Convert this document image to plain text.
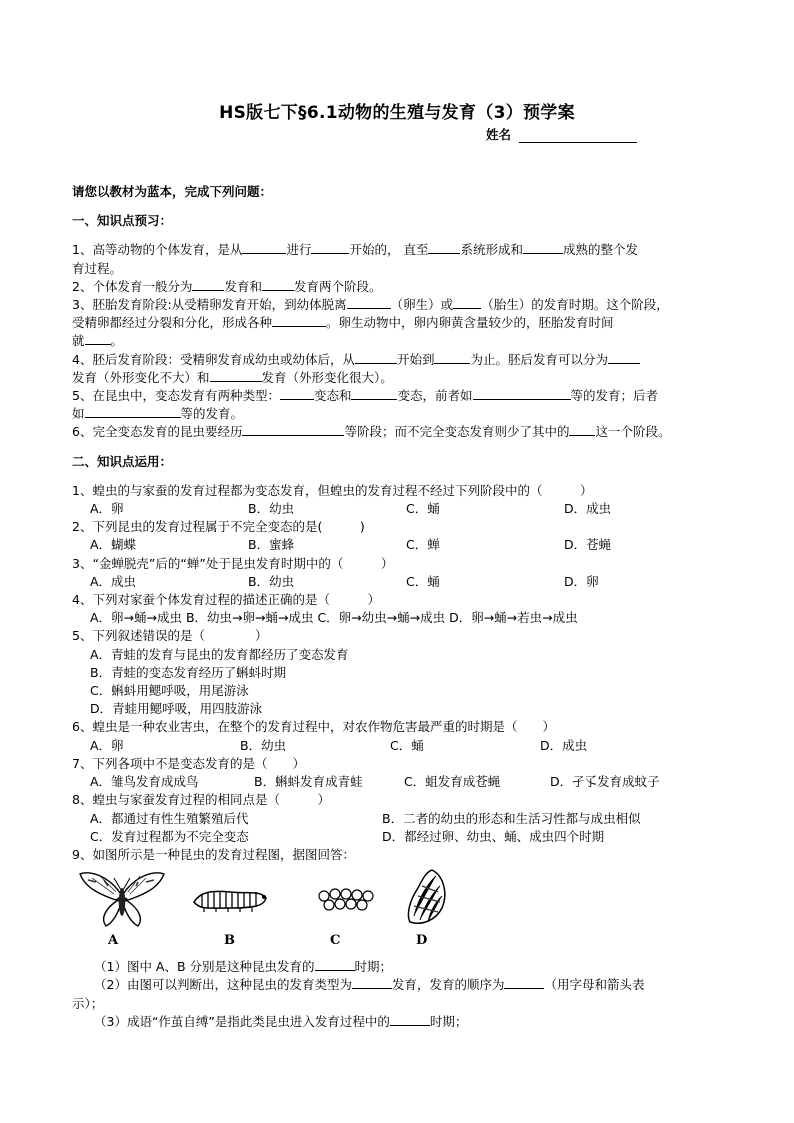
HS版七下§6.1动物的生殖与发育（3）预学案
姓名

请您以教材为蓝本，完成下列问题：

一、知识点预习：

1、高等动物的个体发育，是从	进行	开始的， 直至	系统形成和	成熟的整个发

育过程。

2、个体发育一般分为	发育和	发育两个阶段。

3、胚胎发育阶段:从受精卵发育开始，到幼体脱离	（卵生）或 （胎生）的发育时期。这个阶段，

受精卵都经过分裂和分化，形成各种	。卵生动物中，卵内卵黄含量较少的，胚胎发育时间

就 。

4、胚后发育阶段：受精卵发育成幼虫或幼体后，从	开始到	为止。胚后发育可以分为

发育（外形变化不大）和	发育（外形变化很大）。

5、在昆虫中，变态发育有两种类型：	变态和	变态，前者如	等的发育；后者

如	等的发育。

6、完全变态发育的昆虫要经历	等阶段；而不完全变态发育则少了其中的 这一个阶段。

二、知识点运用：

1、蝗虫的与家蚕的发育过程都为变态发育，但蝗虫的发育过程不经过下列阶段中的（　　　）

A．卵	B．幼虫	C．蛹	D．成虫

2、下列昆虫的发育过程属于不完全变态的是(　　　)

A．蝴蝶	B．蜜蜂	C．蝉	D．苍蝇

3、“金蝉脱壳”后的“蝉”处于昆虫发育时期中的（　　　）

A．成虫	B．幼虫	C．蛹	D．卵

4、下列对家蚕个体发育过程的描述正确的是（　　　）

A．卵→蛹→成虫 B．幼虫→卵→蛹→成虫 C．卵→幼虫→蛹→成虫 D．卵→蛹→若虫→成虫

5、下列叙述错误的是（　　　　）

A．青蛙的发育与昆虫的发育都经历了变态发育

B．青蛙的变态发育经历了蝌蚪时期

C．蝌蚪用鳃呼吸，用尾游泳

D．青蛙用鳃呼吸，用四肢游泳

6、蝗虫是一种农业害虫，在整个的发育过程中，对农作物危害最严重的时期是（　　）

A．卵	B．幼虫	C．蛹	D．成虫

7、下列各项中不是变态发育的是（　　）

A．雏鸟发育成成鸟	B．蝌蚪发育成青蛙	C．蛆发育成苍蝇	D．孑孓发育成蚊子

8、蝗虫与家蚕发育过程的相同点是（　　　）

A．都通过有性生殖繁殖后代	B．二者的幼虫的形态和生活习性都与成虫相似
C．发育过程都为不完全变态	D．都经过卵、幼虫、蛹、成虫四个时期

9、如图所示是一种昆虫的发育过程图，据图回答：

A	B	C	D

（1）图中 A、B 分别是这种昆虫发育的	时期；

（2）由图可以判断出，这种昆虫的发育类型为	发育，发育的顺序为	（用字母和箭头表

示）；

（3）成语“作茧自缚”是指此类昆虫进入发育过程中的	时期；
